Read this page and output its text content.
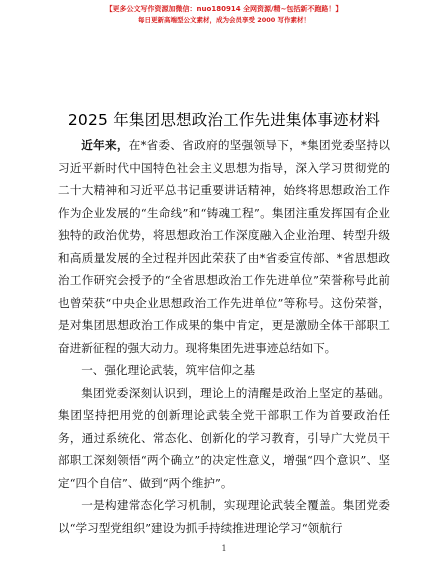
【更多公文写作资源加微信：nuo180914 全网资源/精~包括新不跑路！】
每日更新高端型公文素材，成为会员享受 2000 写作素材！
2025 年集团思想政治工作先进集体事迹材料

近年来，在*省委、省政府的坚强领导下，*集团党委坚持以习近平新时代中国特色社会主义思想为指导，深入学习贯彻党的二十大精神和习近平总书记重要讲话精神，始终将思想政治工作作为企业发展的“生命线”和“铸魂工程”。集团注重发挥国有企业独特的政治优势，将思想政治工作深度融入企业治理、转型升级和高质量发展的全过程并因此荣获了由*省委宣传部、*省思想政治工作研究会授予的“全省思想政治工作先进单位”荣誉称号此前也曾荣获“中央企业思想政治工作先进单位”等称号。这份荣誉，是对集团思想政治工作成果的集中肯定，更是激励全体干部职工奋进新征程的强大动力。现将集团先进事迹总结如下。

一、强化理论武装，筑牢信仰之基

集团党委深刻认识到，理论上的清醒是政治上坚定的基础。集团坚持把用党的创新理论武装全党干部职工作为首要政治任务，通过系统化、常态化、创新化的学习教育，引导广大党员干部职工深刻领悟“两个确立”的决定性意义，增强“四个意识”、坚定“四个自信”、做到“两个维护”。

一是构建常态化学习机制，实现理论武装全覆盖。集团党委以“学习型党组织”建设为抓手持续推进理论学习“领航行

1
